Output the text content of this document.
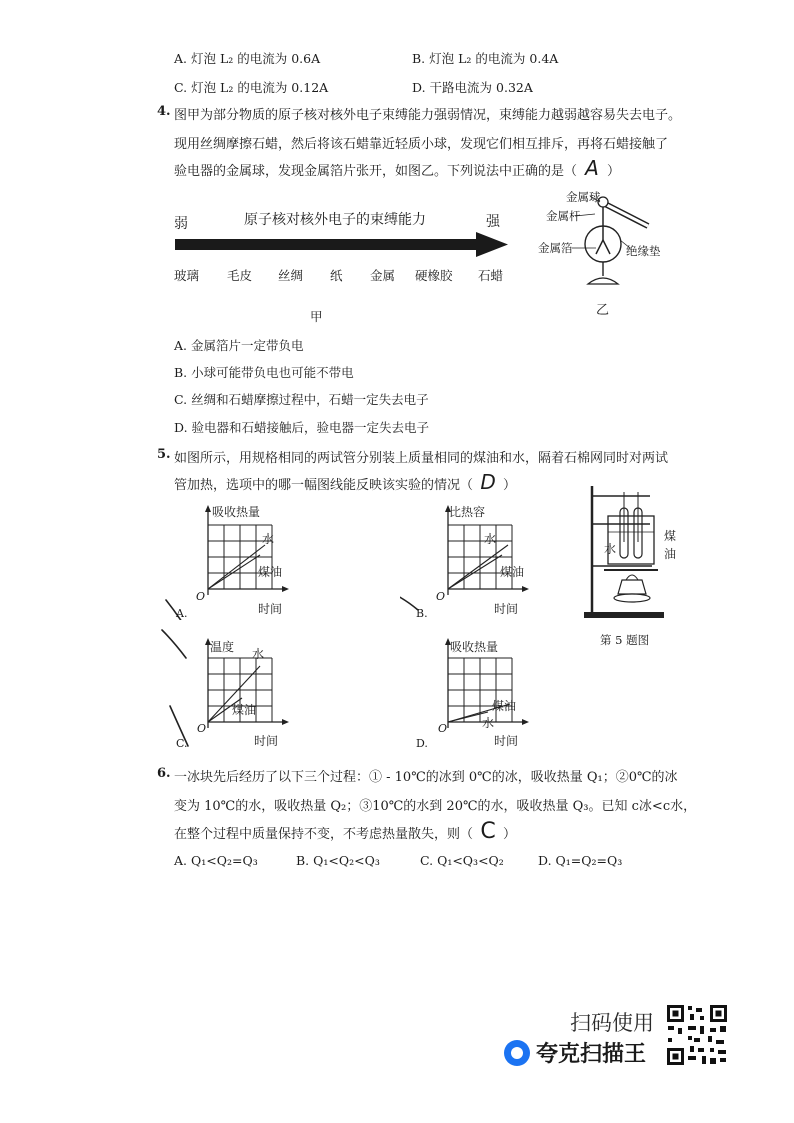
A. 灯泡 L₂ 的电流为 0.6A	B. 灯泡 L₂ 的电流为 0.4A
C. 灯泡 L₂ 的电流为 0.12A	D. 干路电流为 0.32A
4. 图甲为部分物质的原子核对核外电子束缚能力强弱情况，束缚能力越弱越容易失去电子。
现用丝绸摩擦石蜡，然后将该石蜡靠近轻质小球，发现它们相互排斥，再将石蜡接触了
验电器的金属球，发现金属箔片张开，如图乙。下列说法中正确的是（ A ）
弱	原子核对核外电子的束缚能力	强
玻璃 毛皮 丝绸 纸 金属 硬橡胶 石蜡
甲
金属球
金属杆
金属箔	绝缘垫
乙
A. 金属箔片一定带负电
B. 小球可能带负电也可能不带电
C. 丝绸和石蜡摩擦过程中，石蜡一定失去电子
D. 验电器和石蜡接触后，验电器一定失去电子
5. 如图所示，用规格相同的两试管分别装上质量相同的煤油和水，隔着石棉网同时对两试
管加热，选项中的哪一幅图线能反映该实验的情况（ D ）
吸收热量
水
煤油
O
时间
A.
比热容
水
煤油
O
时间
B.
水
煤
油
第 5 题图
温度 水
煤油
O
时间
C.
吸收热量
煤油
水
O
时间
D.
6. 一冰块先后经历了以下三个过程：① - 10℃的冰到 0℃的冰，吸收热量 Q₁；②0℃的冰
变为 10℃的水，吸收热量 Q₂；③10℃的水到 20℃的水，吸收热量 Q₃。已知 c冰<c水，
在整个过程中质量保持不变，不考虑热量散失，则（ C ）
A. Q₁<Q₂=Q₃	B. Q₁<Q₂<Q₃	C. Q₁<Q₃<Q₂	D. Q₁=Q₂=Q₃
扫码使用
夸克扫描王
